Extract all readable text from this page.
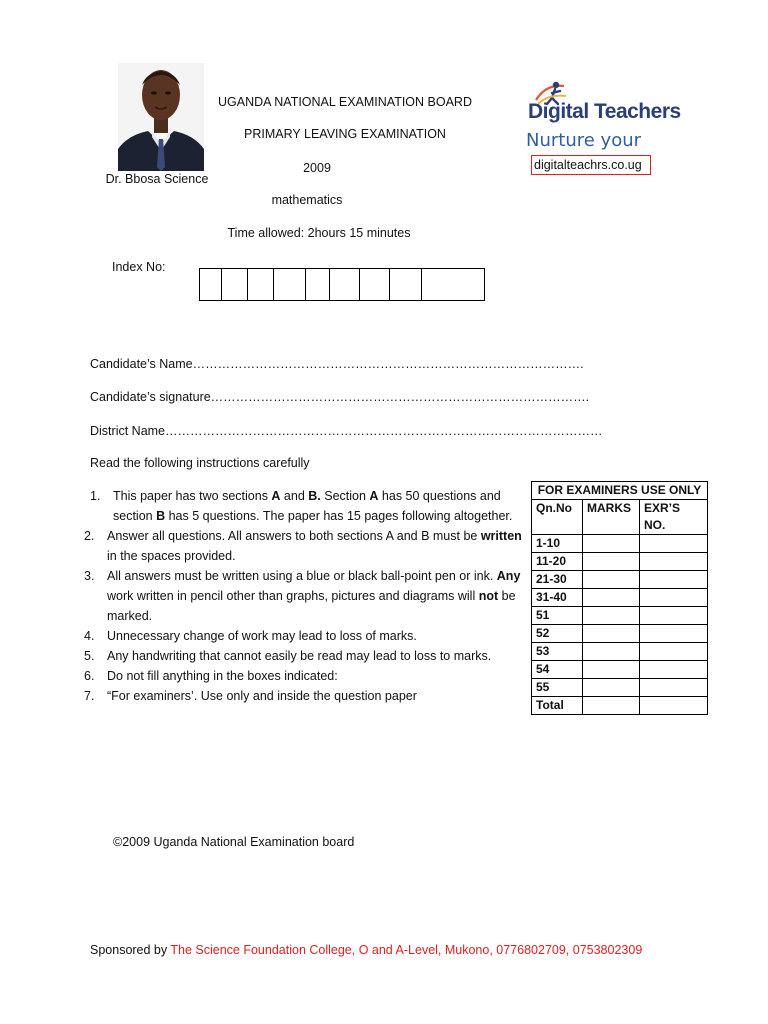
Dr. Bbosa Science
UGANDA NATIONAL EXAMINATION BOARD
PRIMARY LEAVING EXAMINATION
2009
mathematics
Time allowed: 2hours 15 minutes
Digital Teachers
Nurture your
digitalteachrs.co.ug
Index No:
Candidate’s Name………………………………………………………………………………….
Candidate’s signature……………………………………………………………………………….
District Name……………………………………………………………………………………………
Read the following instructions carefully
1. This paper has two sections A and B. Section A has 50 questions and section B has 5 questions. The paper has 15 pages following altogether.
2. Answer all questions. All answers to both sections A and B must be written in the spaces provided.
3. All answers must be written using a blue or black ball-point pen or ink. Any work written in pencil other than graphs, pictures and diagrams will not be marked.
4. Unnecessary change of work may lead to loss of marks.
5. Any handwriting that cannot easily be read may lead to loss to marks.
6. Do not fill anything in the boxes indicated:
7. “For examiners’. Use only and inside the question paper
FOR EXAMINERS USE ONLY		
Qn.No	MARKS	EXR’S NO.
1-10		
11-20		
21-30		
31-40		
51		
52		
53		
54		
55		
Total		
©2009 Uganda National Examination board
Sponsored by The Science Foundation College, O and A-Level, Mukono, 0776802709, 0753802309
